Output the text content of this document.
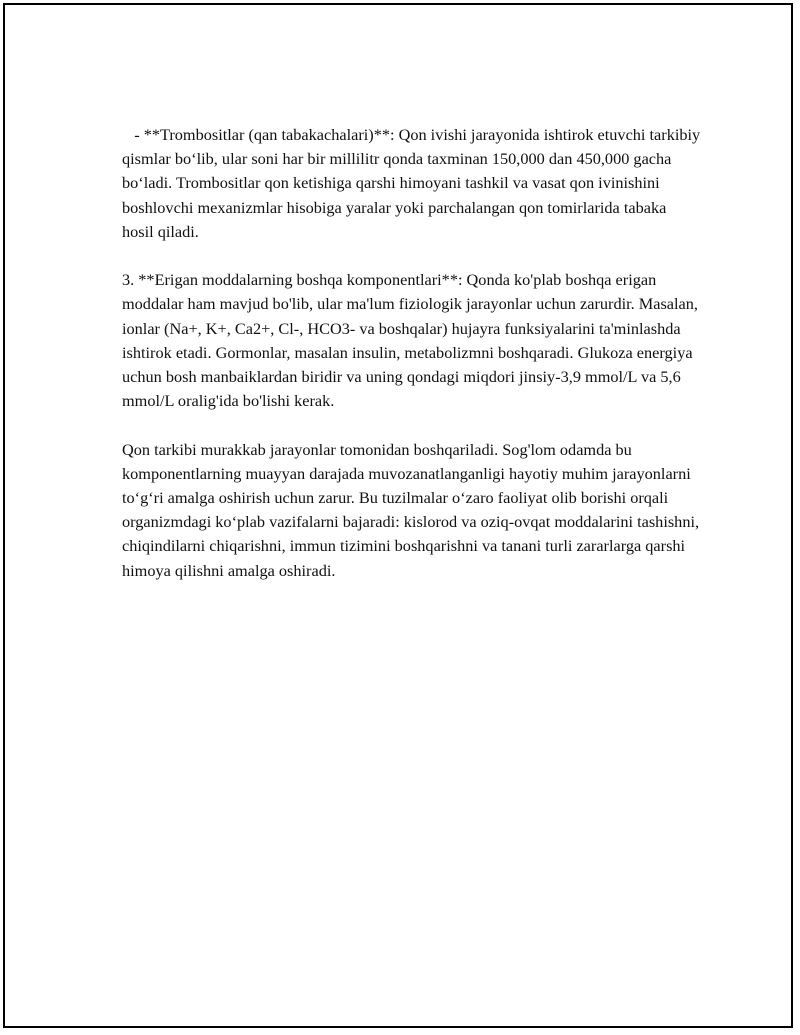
- **Trombositlar (qan tabakachalari)**: Qon ivishi jarayonida ishtirok etuvchi tarkibiy qismlar boʻlib, ular soni har bir millilitr qonda taxminan 150,000 dan 450,000 gacha boʻladi. Trombositlar qon ketishiga qarshi himoyani tashkil va vasat qon ivinishini boshlovchi mexanizmlar hisobiga yaralar yoki parchalangan qon tomirlarida tabaka hosil qiladi.

3. **Erigan moddalarning boshqa komponentlari**: Qonda ko'plab boshqa erigan moddalar ham mavjud bo'lib, ular ma'lum fiziologik jarayonlar uchun zarurdir. Masalan, ionlar (Na+, K+, Ca2+, Cl-, HCO3- va boshqalar) hujayra funksiyalarini ta'minlashda ishtirok etadi. Gormonlar, masalan insulin, metabolizmni boshqaradi. Glukoza energiya uchun bosh manbaiklardan biridir va uning qondagi miqdori jinsiy-3,9 mmol/L va 5,6 mmol/L oralig'ida bo'lishi kerak.

Qon tarkibi murakkab jarayonlar tomonidan boshqariladi. Sog'lom odamda bu komponentlarning muayyan darajada muvozanatlanganligi hayotiy muhim jarayonlarni toʻgʻri amalga oshirish uchun zarur. Bu tuzilmalar oʻzaro faoliyat olib borishi orqali organizmdagi koʻplab vazifalarni bajaradi: kislorod va oziq-ovqat moddalarini tashishni, chiqindilarni chiqarishni, immun tizimini boshqarishni va tanani turli zararlarga qarshi himoya qilishni amalga oshiradi.
